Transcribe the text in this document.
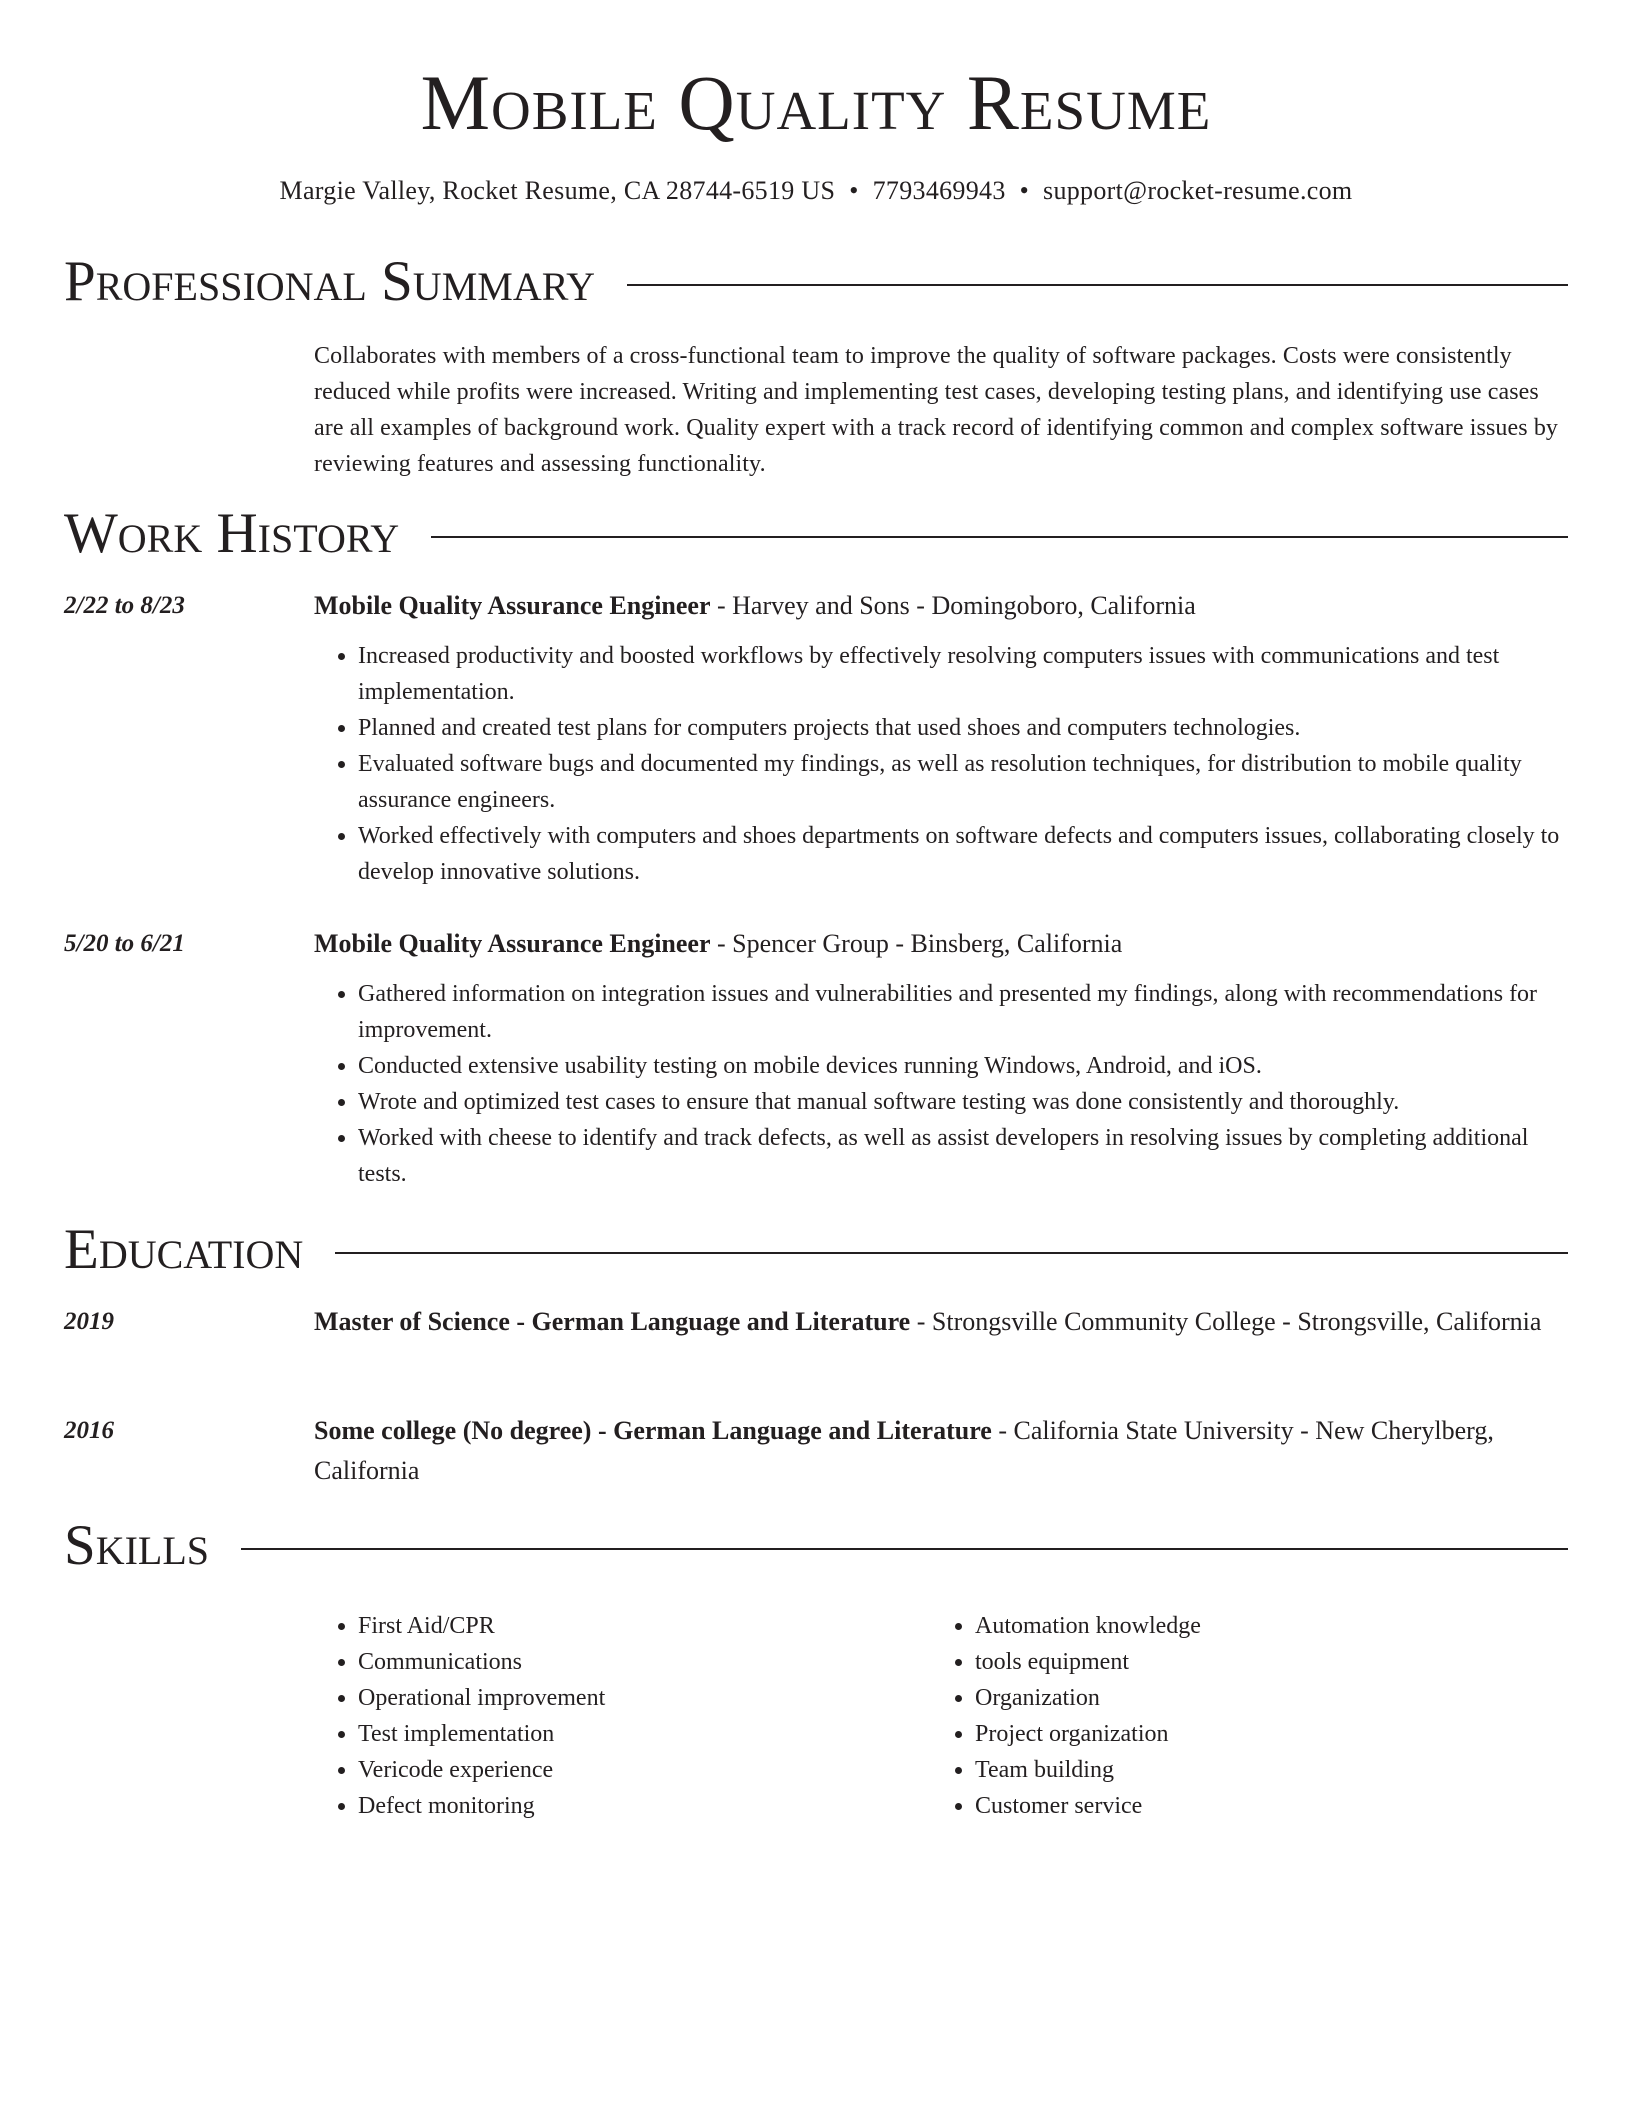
Mobile Quality Resume
Margie Valley, Rocket Resume, CA 28744-6519 US • 7793469943 • support@rocket-resume.com
Professional Summary

Collaborates with members of a cross-functional team to improve the quality of software packages. Costs were consistently reduced while profits were increased. Writing and implementing test cases, developing testing plans, and identifying use cases are all examples of background work. Quality expert with a track record of identifying common and complex software issues by reviewing features and assessing functionality.

Work History
2/22 to 8/23	Mobile Quality Assurance Engineer - Harvey and Sons - Domingoboro, California
• Increased productivity and boosted workflows by effectively resolving computers issues with communications and test implementation.
• Planned and created test plans for computers projects that used shoes and computers technologies.
• Evaluated software bugs and documented my findings, as well as resolution techniques, for distribution to mobile quality assurance engineers.
• Worked effectively with computers and shoes departments on software defects and computers issues, collaborating closely to develop innovative solutions.
5/20 to 6/21	Mobile Quality Assurance Engineer - Spencer Group - Binsberg, California
• Gathered information on integration issues and vulnerabilities and presented my findings, along with recommendations for improvement.
• Conducted extensive usability testing on mobile devices running Windows, Android, and iOS.
• Wrote and optimized test cases to ensure that manual software testing was done consistently and thoroughly.
• Worked with cheese to identify and track defects, as well as assist developers in resolving issues by completing additional tests.
Education
2019	Master of Science - German Language and Literature - Strongsville Community College - Strongsville, California
2016	Some college (No degree) - German Language and Literature - California State University - New Cherylberg, California
Skills
• First Aid/CPR
• Communications
• Operational improvement
• Test implementation
• Vericode experience
• Defect monitoring
• Automation knowledge
• tools equipment
• Organization
• Project organization
• Team building
• Customer service
